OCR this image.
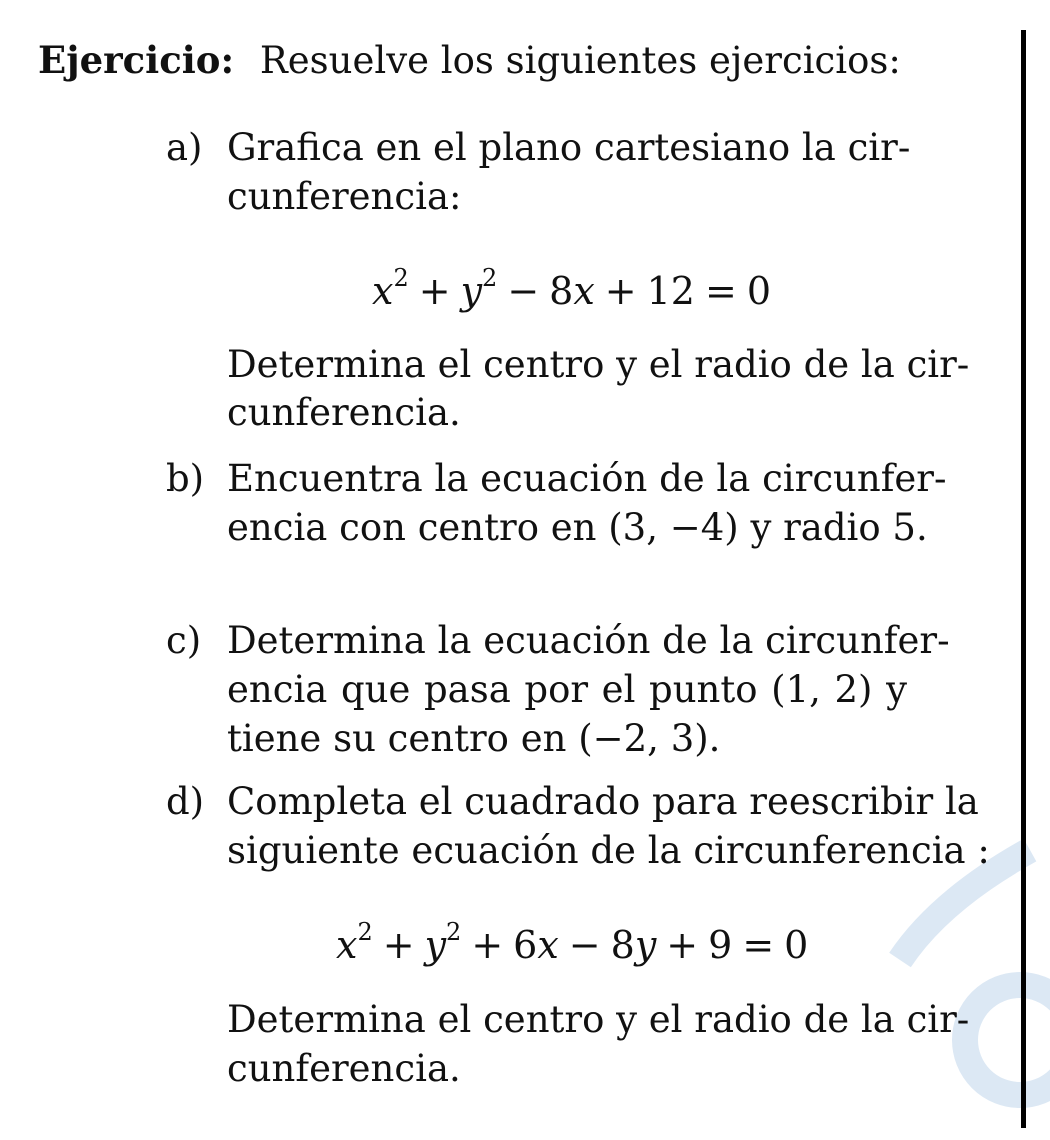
Ejercicio: Resuelve los siguientes ejercicios:
a) Grafica en el plano cartesiano la cir-
cunferencia:
$x^2 + y^2 - 8x + 12 = 0$
Determina el centro y el radio de la cir-
cunferencia.
b) Encuentra la ecuación de la circunfer-
encia con centro en (3, −4) y radio 5.
c) Determina la ecuación de la circunfer-
encia que pasa por el punto (1, 2) y
tiene su centro en (−2, 3).
d) Completa el cuadrado para reescribir la
siguiente ecuación de la circunferencia :
$x^2 + y^2 + 6x - 8y + 9 = 0$
Determina el centro y el radio de la cir-
cunferencia.
